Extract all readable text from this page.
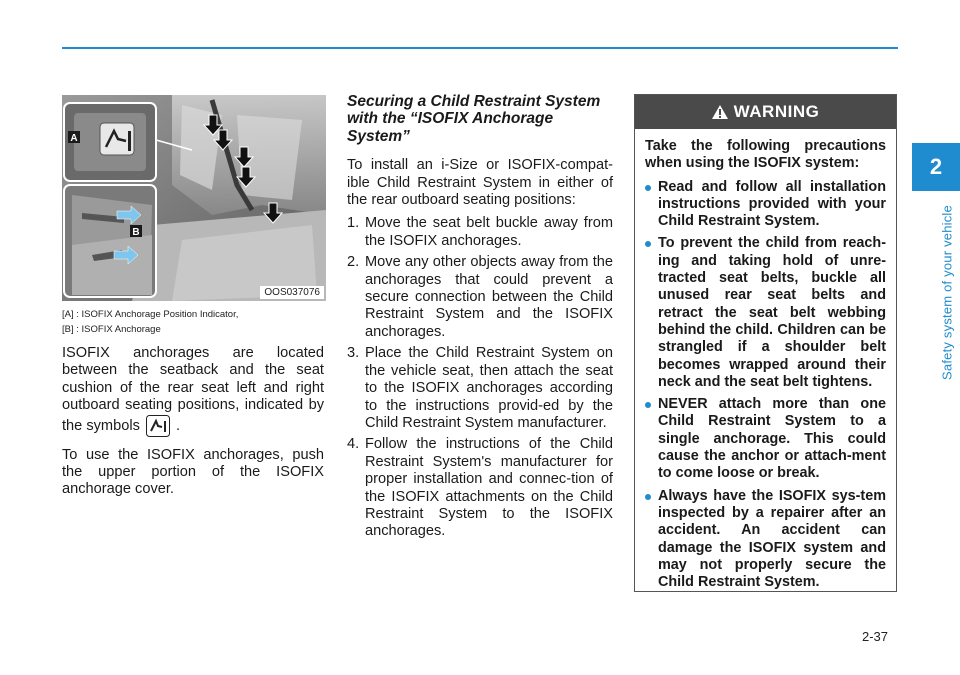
2
Safety system of your vehicle
A
B
OOS037076
[A] : ISOFIX Anchorage Position Indicator,
[B] : ISOFIX Anchorage

ISOFIX anchorages are located between the seatback and the seat cushion of the rear seat left and right outboard seating positions, indicated by the symbols .

To use the ISOFIX anchorages, push the upper portion of the ISOFIX anchorage cover.

Securing a Child Restraint System with the “ISOFIX Anchorage System”

To install an i-Size or ISOFIX-compat-ible Child Restraint System in either of the rear outboard seating positions:

1. Move the seat belt buckle away from the ISOFIX anchorages.
2. Move any other objects away from the anchorages that could prevent a secure connection between the Child Restraint System and the ISOFIX anchorages.
3. Place the Child Restraint System on the vehicle seat, then attach the seat to the ISOFIX anchorages according to the instructions provid-ed by the Child Restraint System manufacturer.
4. Follow the instructions of the Child Restraint System's manufacturer for proper installation and connec-tion of the ISOFIX attachments on the Child Restraint System to the ISOFIX anchorages.
WARNING

Take the following precautions when using the ISOFIX system:

Read and follow all installation instructions provided with your Child Restraint System.
To prevent the child from reach-ing and taking hold of unre-tracted seat belts, buckle all unused rear seat belts and retract the seat belt webbing behind the child. Children can be strangled if a shoulder belt becomes wrapped around their neck and the seat belt tightens.
NEVER attach more than one Child Restraint System to a single anchorage. This could cause the anchor or attach-ment to come loose or break.
Always have the ISOFIX sys-tem inspected by a repairer after an accident. An accident can damage the ISOFIX system and may not properly secure the Child Restraint System.
2-37
